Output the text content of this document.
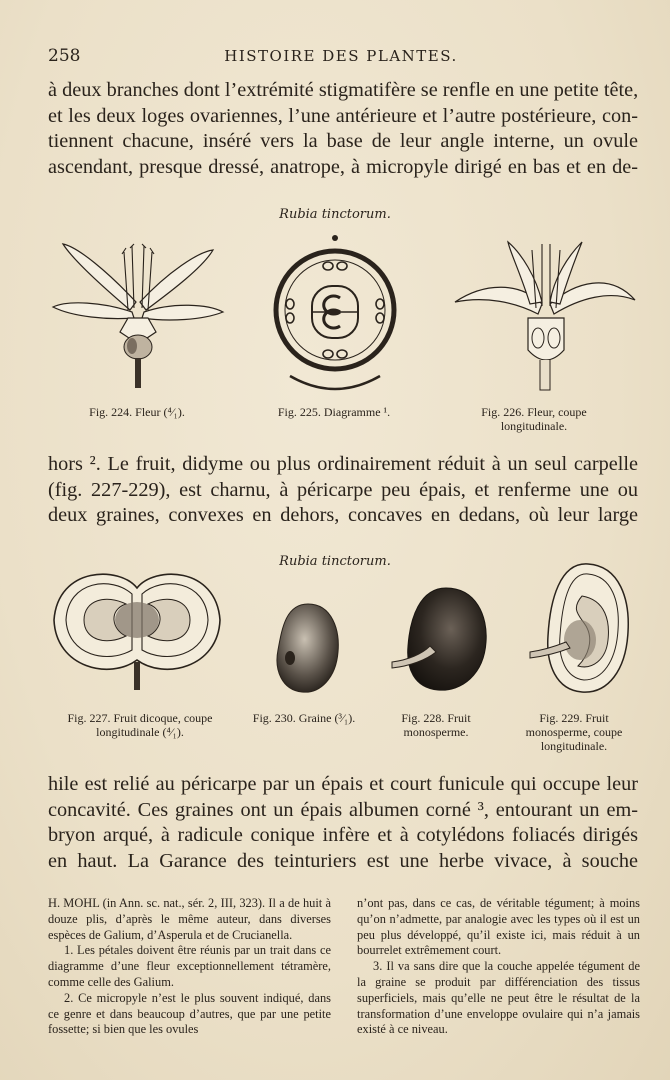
258	HISTOIRE DES PLANTES.

à deux branches dont l’extrémité stigmatifère se renfle en une petite tête,
et les deux loges ovariennes, l’une antérieure et l’autre postérieure, con-
tiennent chacune, inséré vers la base de leur angle interne, un ovule
ascendant, presque dressé, anatrope, à micropyle dirigé en bas et en de-

Rubia tinctorum.
Fig. 224. Fleur (⁴⁄₁).	Fig. 225. Diagramme ¹.	Fig. 226. Fleur, coupe longitudinale.

hors ². Le fruit, didyme ou plus ordinairement réduit à un seul carpelle
(fig. 227-229), est charnu, à péricarpe peu épais, et renferme une ou
deux graines, convexes en dehors, concaves en dedans, où leur large

Rubia tinctorum.
Fig. 227. Fruit dicoque, coupe longitudinale (⁴⁄₁).
Fig. 230. Graine (³⁄₁).	Fig. 228. Fruit monosperme.
Fig. 229. Fruit monosperme, coupe longitudinale.

hile est relié au péricarpe par un épais et court funicule qui occupe leur
concavité. Ces graines ont un épais albumen corné ³, entourant un em-
bryon arqué, à radicule conique infère et à cotylédons foliacés dirigés
en haut. La Garance des teinturiers est une herbe vivace, à souche

H. MOHL (in Ann. sc. nat., sér. 2, III, 323). Il a de huit à douze plis, d’après le même auteur, dans diverses espèces de Galium, d’Asperula et de Crucianella.

1. Les pétales doivent être réunis par un trait dans ce diagramme d’une fleur exceptionnellement tétramère, comme celle des Galium.

2. Ce micropyle n’est le plus souvent indiqué, dans ce genre et dans beaucoup d’autres, que par une petite fossette; si bien que les ovules

n’ont pas, dans ce cas, de véritable tégument; à moins qu’on n’admette, par analogie avec les types où il est un peu plus développé, qu’il existe ici, mais réduit à un bourrelet extrêmement court.

3. Il va sans dire que la couche appelée tégument de la graine se produit par différenciation des tissus superficiels, mais qu’elle ne peut être le résultat de la transformation d’une enveloppe ovulaire qui n’a jamais existé à ce niveau.
